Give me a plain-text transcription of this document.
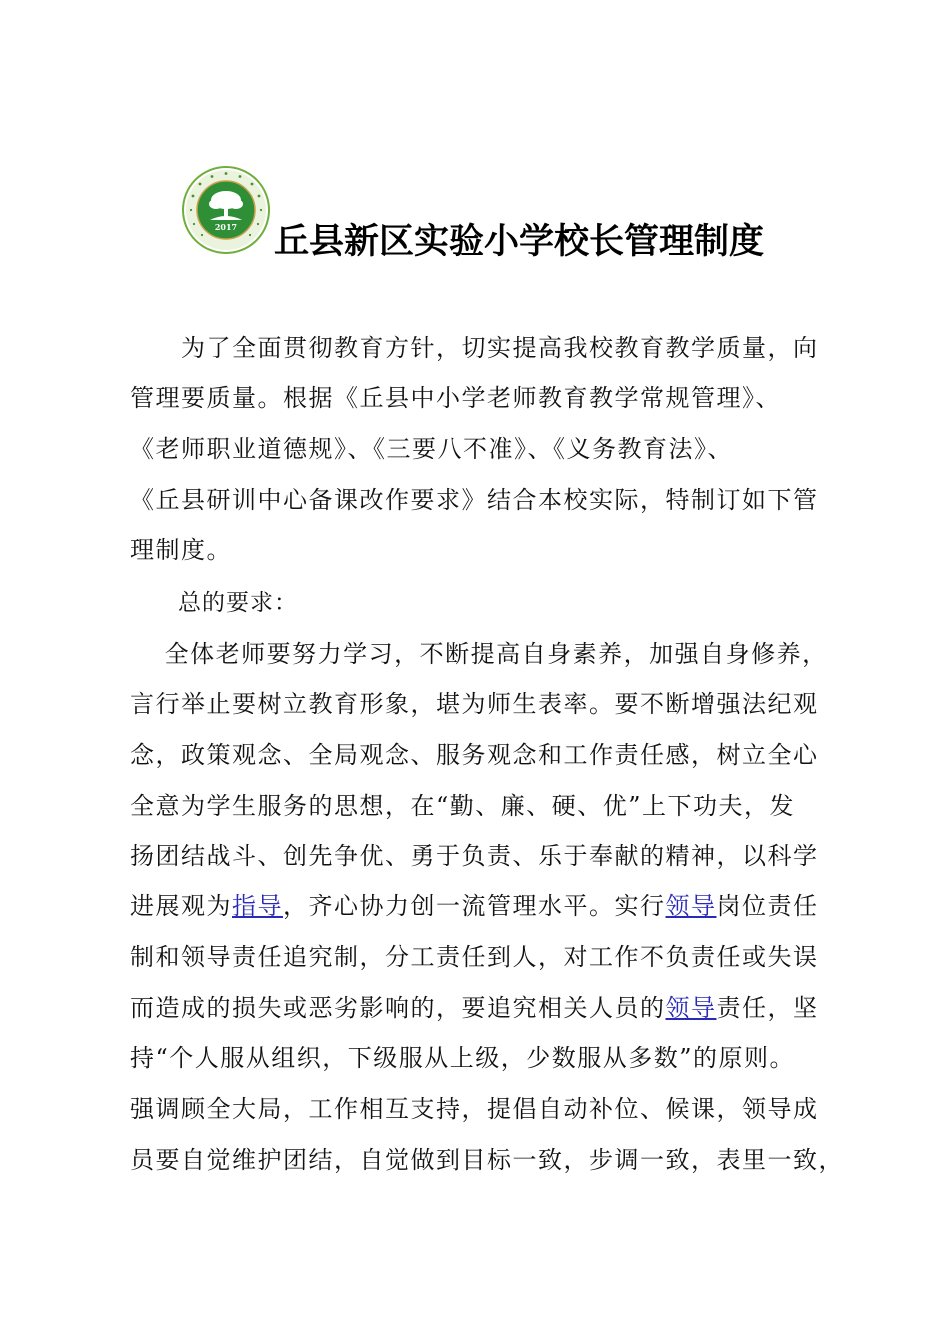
2017 丘县新区实验小学校长管理制度
　　为了全面贯彻教育方针，切实提高我校教育教学质量，向
管理要质量。根据《丘县中小学老师教育教学常规管理》、
《老师职业道德规》、《三要八不准》、《义务教育法》、
《丘县研训中心备课改作要求》结合本校实际，特制订如下管
理制度。
　　总的要求：
　 全体老师要努力学习，不断提高自身素养，加强自身修养，
言行举止要树立教育形象，堪为师生表率。要不断增强法纪观
念，政策观念、全局观念、服务观念和工作责任感，树立全心
全意为学生服务的思想，在“勤、廉、硬、优”上下功夫，发
扬团结战斗、创先争优、勇于负责、乐于奉献的精神，以科学
进展观为指导，齐心协力创一流管理水平。实行领导岗位责任
制和领导责任追究制，分工责任到人，对工作不负责任或失误
而造成的损失或恶劣影响的，要追究相关人员的领导责任，坚
持“个人服从组织，下级服从上级，少数服从多数”的原则。
强调顾全大局，工作相互支持，提倡自动补位、候课，领导成
员要自觉维护团结，自觉做到目标一致，步调一致，表里一致，
